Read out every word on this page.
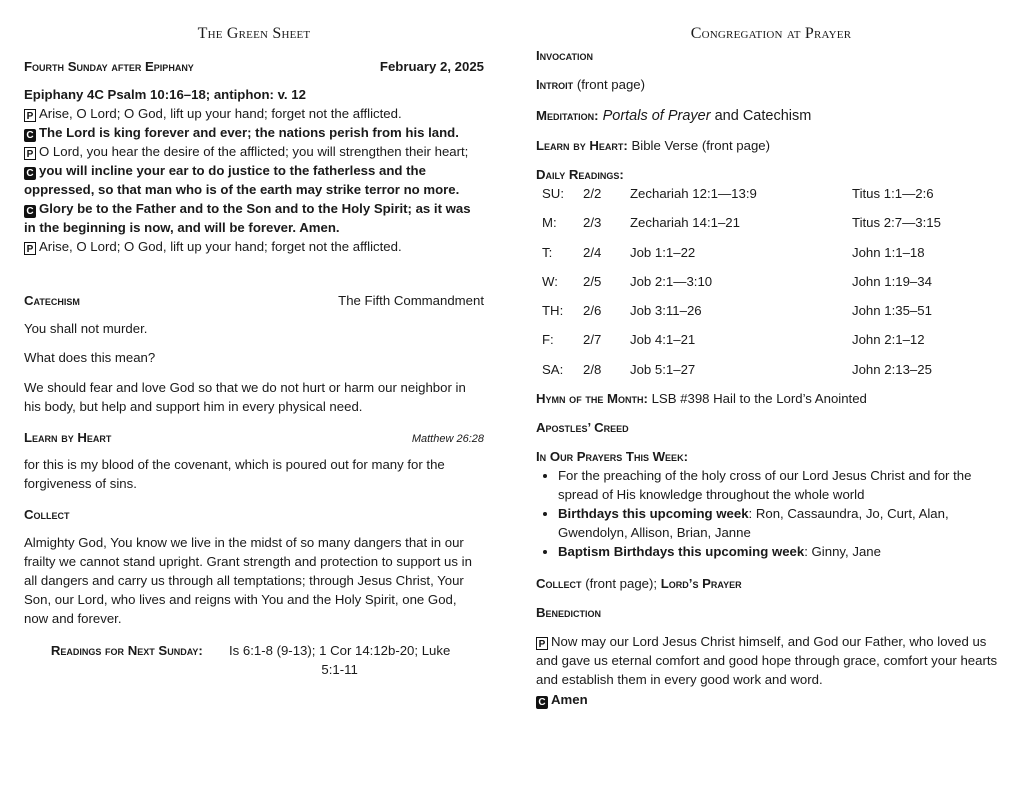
The Green Sheet
Fourth Sunday after Epiphany	February 2, 2025
Epiphany 4C Psalm 10:16–18; antiphon: v. 12
P Arise, O Lord; O God, lift up your hand; forget not the afflicted.
C The Lord is king forever and ever; the nations perish from his land.
P O Lord, you hear the desire of the afflicted; you will strengthen their heart;
C you will incline your ear to do justice to the fatherless and the oppressed, so that man who is of the earth may strike terror no more.
C Glory be to the Father and to the Son and to the Holy Spirit; as it was in the beginning is now, and will be forever. Amen.
P Arise, O Lord; O God, lift up your hand; forget not the afflicted.
Catechism	The Fifth Commandment
You shall not murder.
What does this mean?
We should fear and love God so that we do not hurt or harm our neighbor in his body, but help and support him in every physical need.
Learn by Heart	Matthew 26:28
for this is my blood of the covenant, which is poured out for many for the forgiveness of sins.
Collect
Almighty God, You know we live in the midst of so many dangers that in our frailty we cannot stand upright. Grant strength and protection to support us in all dangers and carry us through all temptations; through Jesus Christ, Your Son, our Lord, who lives and reigns with You and the Holy Spirit, one God, now and forever.
Readings for Next Sunday: Is 6:1-8 (9-13); 1 Cor 14:12b-20; Luke 5:1-11
Congregation at Prayer
Invocation
Introit (front page)
Meditation: Portals of Prayer and Catechism
Learn by Heart: Bible Verse (front page)
Daily Readings:
SU:	2/2	Zechariah 12:1—13:9	Titus 1:1—2:6
M:	2/3	Zechariah 14:1–21	Titus 2:7—3:15
T:	2/4	Job 1:1–22	John 1:1–18
W:	2/5	Job 2:1—3:10	John 1:19–34
TH:	2/6	Job 3:11–26	John 1:35–51
F:	2/7	Job 4:1–21	John 2:1–12
SA:	2/8	Job 5:1–27	John 2:13–25
Hymn of the Month: LSB #398 Hail to the Lord’s Anointed
Apostles’ Creed
In Our Prayers This Week:
• For the preaching of the holy cross of our Lord Jesus Christ and for the spread of His knowledge throughout the whole world
• Birthdays this upcoming week: Ron, Cassaundra, Jo, Curt, Alan, Gwendolyn, Allison, Brian, Janne
• Baptism Birthdays this upcoming week: Ginny, Jane
Collect (front page); Lord’s Prayer
Benediction
P Now may our Lord Jesus Christ himself, and God our Father, who loved us and gave us eternal comfort and good hope through grace, comfort your hearts and establish them in every good work and word.
C Amen
